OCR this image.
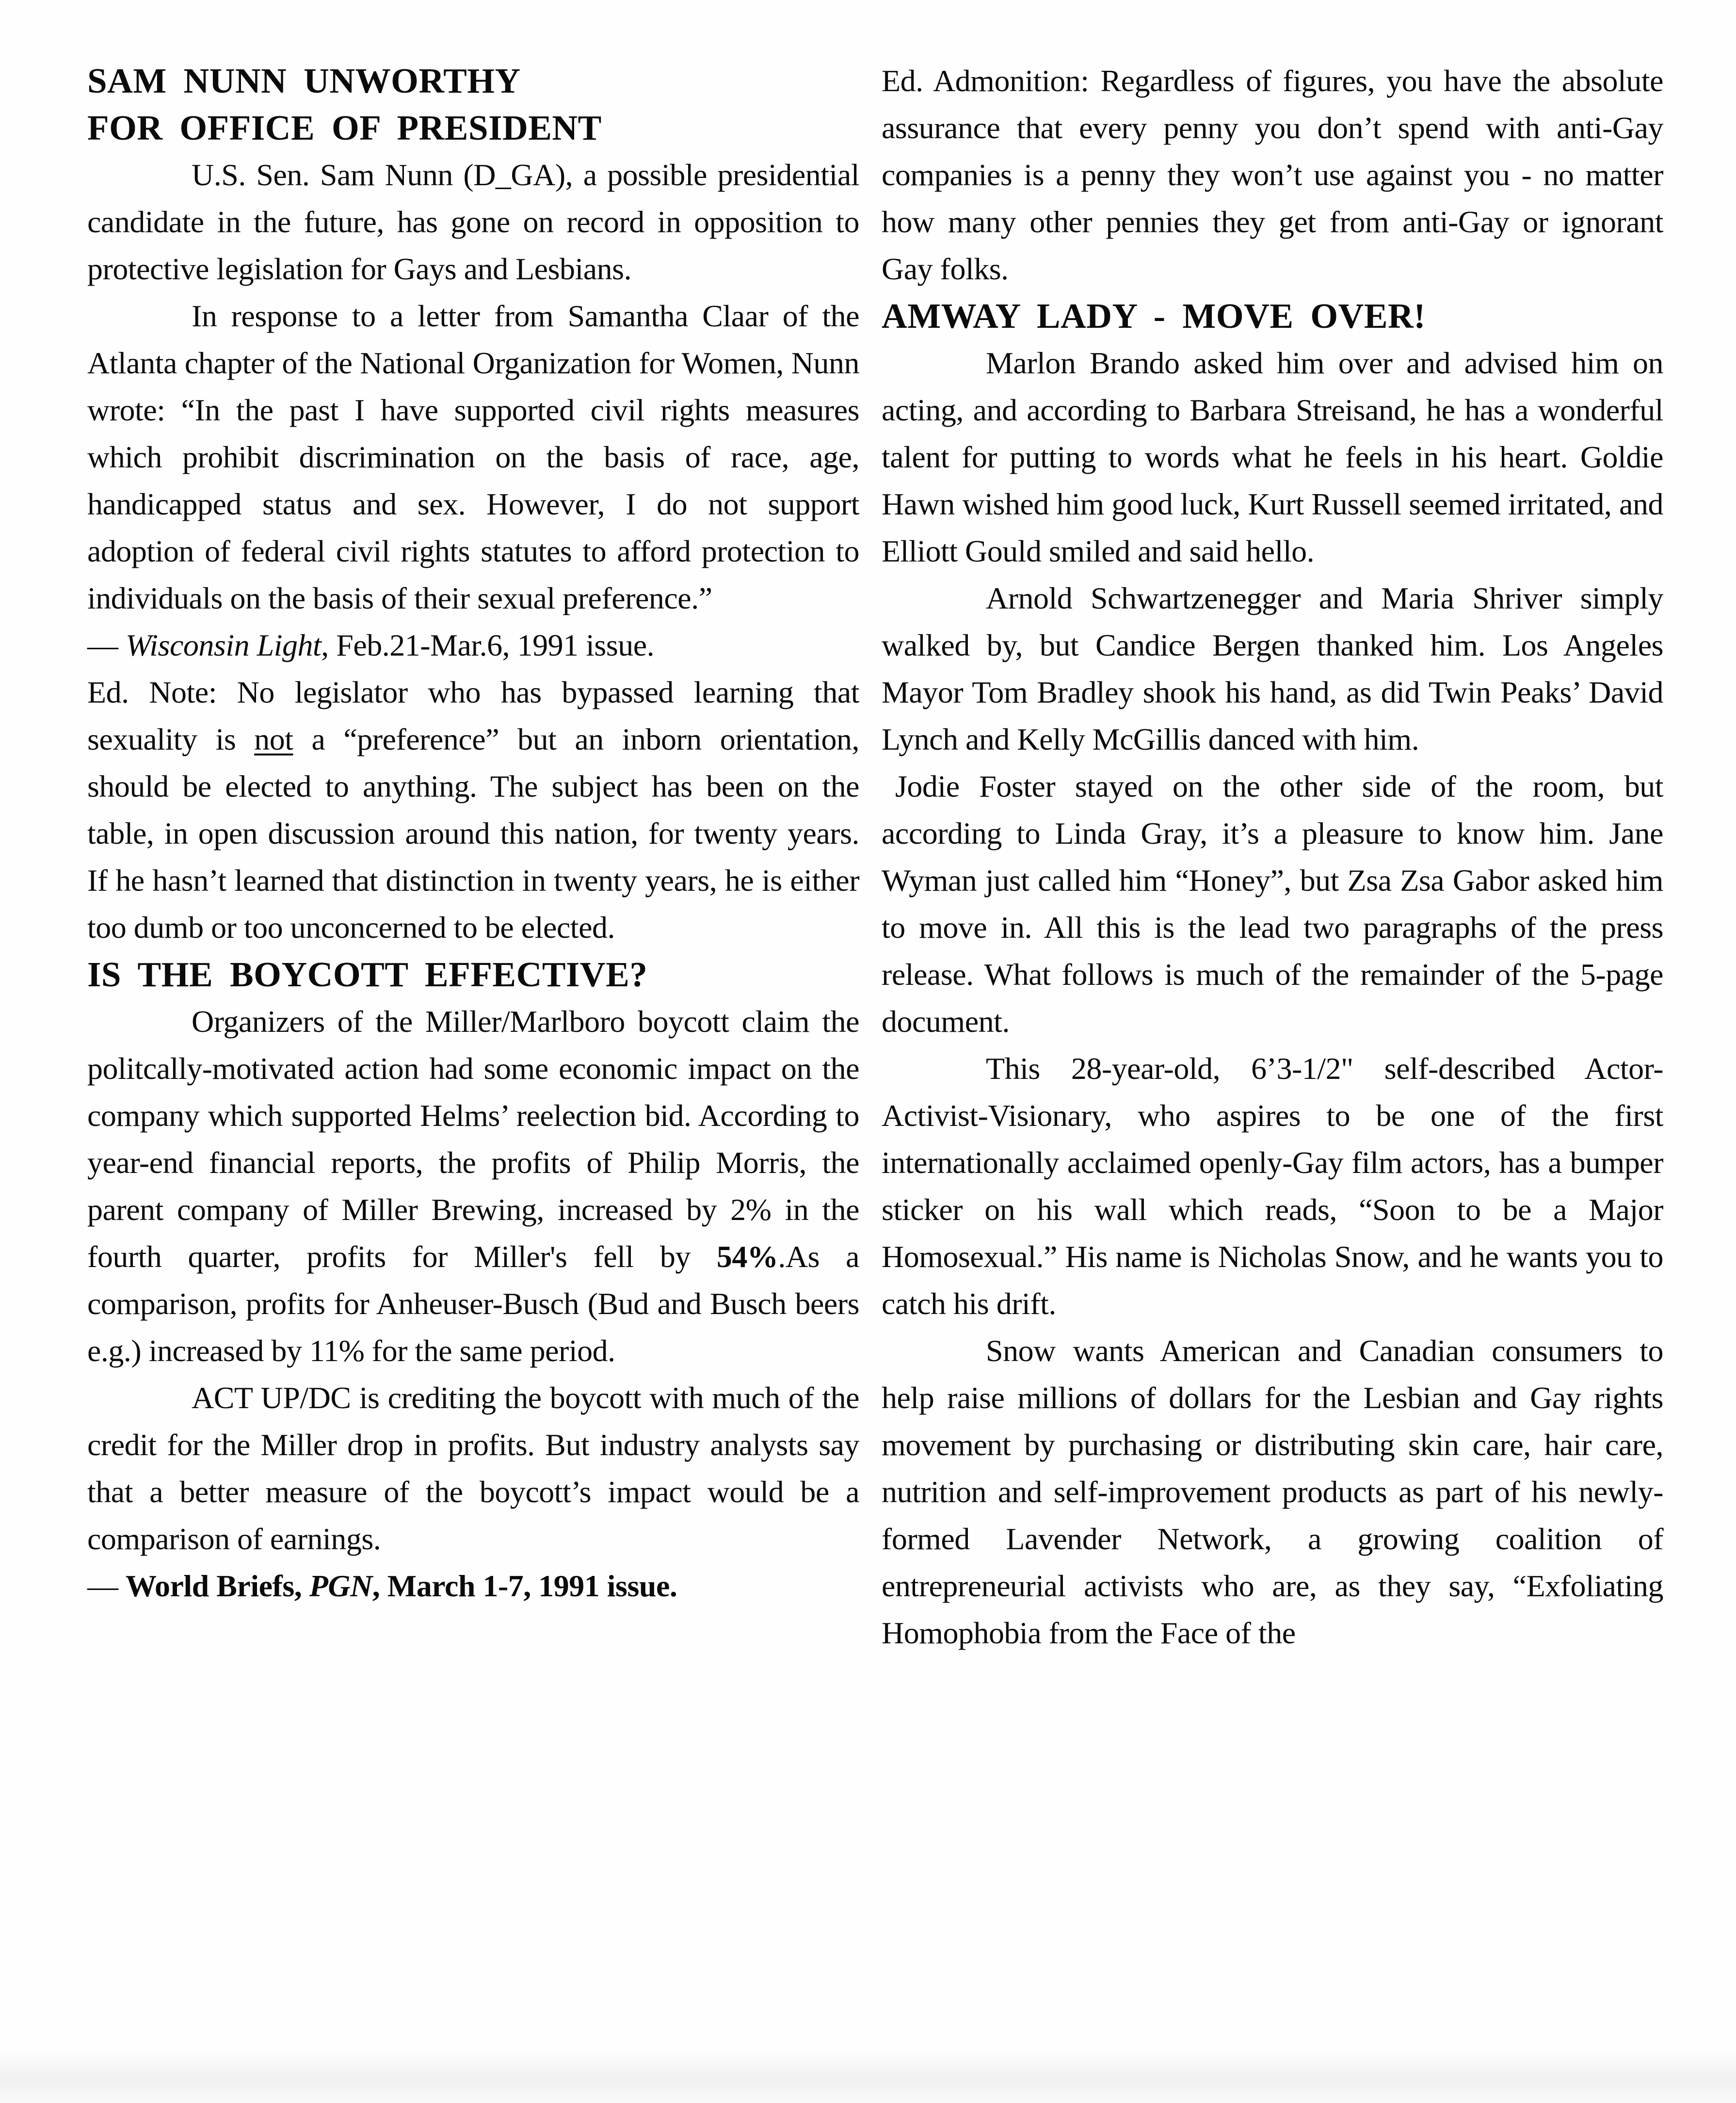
SAM NUNN UNWORTHY
FOR OFFICE OF PRESIDENT

U.S. Sen. Sam Nunn (D_GA), a possible presidential candidate in the future, has gone on record in opposition to protective legislation for Gays and Lesbians.

In response to a letter from Samantha Claar of the Atlanta chapter of the National Organization for Women, Nunn wrote: “In the past I have supported civil rights measures which prohibit discrimination on the basis of race, age, handicapped status and sex. However, I do not support adoption of federal civil rights statutes to afford protection to individuals on the basis of their sexual preference.”

— Wisconsin Light, Feb.21-Mar.6, 1991 issue.

Ed. Note: No legislator who has bypassed learning that sexuality is not a “preference” but an inborn orientation, should be elected to anything. The subject has been on the table, in open discussion around this nation, for twenty years. If he hasn’t learned that distinction in twenty years, he is either too dumb or too unconcerned to be elected.

IS THE BOYCOTT EFFECTIVE?

Organizers of the Miller/Marlboro boycott claim the politcally-motivated action had some economic impact on the company which supported Helms’ reelection bid. According to year-end financial reports, the profits of Philip Morris, the parent company of Miller Brewing, increased by 2% in the fourth quarter, profits for Miller's fell by 54%.As a comparison, profits for Anheuser-Busch (Bud and Busch beers e.g.) increased by 11% for the same period.

ACT UP/DC is crediting the boycott with much of the credit for the Miller drop in profits. But industry analysts say that a better measure of the boycott’s impact would be a comparison of earnings.

— World Briefs, PGN, March 1-7, 1991 issue.

Ed. Admonition: Regardless of figures, you have the absolute assurance that every penny you don’t spend with anti-Gay companies is a penny they won’t use against you - no matter how many other pennies they get from anti-Gay or ignorant Gay folks.

AMWAY LADY - MOVE OVER!

Marlon Brando asked him over and advised him on acting, and according to Barbara Streisand, he has a wonderful talent for putting to words what he feels in his heart. Goldie Hawn wished him good luck, Kurt Russell seemed irritated, and Elliott Gould smiled and said hello.

Arnold Schwartzenegger and Maria Shriver simply walked by, but Candice Bergen thanked him. Los Angeles Mayor Tom Bradley shook his hand, as did Twin Peaks’ David Lynch and Kelly McGillis danced with him.

Jodie Foster stayed on the other side of the room, but according to Linda Gray, it’s a pleasure to know him. Jane Wyman just called him “Honey”, but Zsa Zsa Gabor asked him to move in. All this is the lead two paragraphs of the press release. What follows is much of the remainder of the 5-page document.

This 28-year-old, 6’3-1/2" self-described Actor-Activist-Visionary, who aspires to be one of the first internationally acclaimed openly-Gay film actors, has a bumper sticker on his wall which reads, “Soon to be a Major Homosexual.” His name is Nicholas Snow, and he wants you to catch his drift.

Snow wants American and Canadian consumers to help raise millions of dollars for the Lesbian and Gay rights movement by purchasing or distributing skin care, hair care, nutrition and self-improvement products as part of his newly-formed Lavender Network, a growing coalition of entrepreneurial activists who are, as they say, “Exfoliating Homophobia from the Face of the
